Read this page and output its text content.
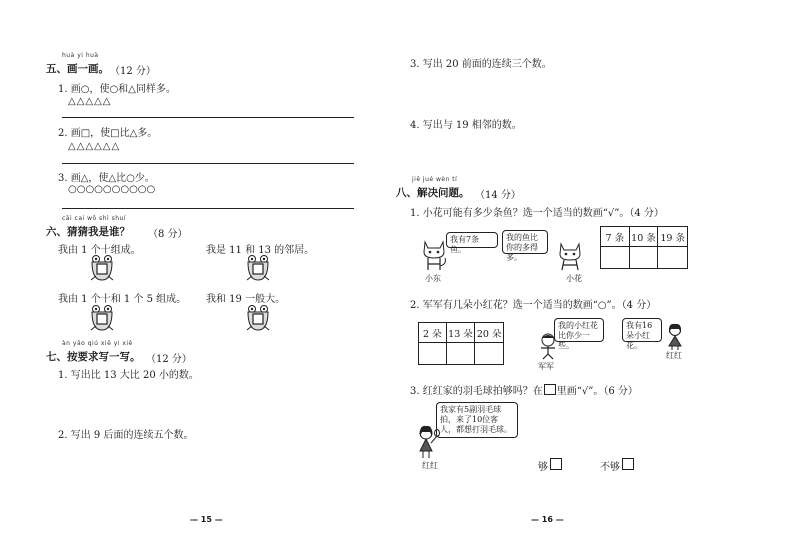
huà yi huà
五、画一画。 （12 分）
1. 画○，使○和△同样多。
△△△△△
2. 画□，使□比△多。
△△△△△△
3. 画△，使△比○少。
○○○○○○○○○○
cāi cai wǒ shì shuí
六、猜猜我是谁？ （8 分）
我由 1 个十组成。	我是 11 和 13 的邻居。
我由 1 个十和 1 个 5 组成。 我和 19 一般大。
àn yāo qiú xiě yi xiě
七、按要求写一写。 （12 分）
1. 写出比 13 大比 20 小的数。
2. 写出 9 后面的连续五个数。
— 15 —
3. 写出 20 前面的连续三个数。
4. 写出与 19 相邻的数。
jiě jué wèn tí
八、解决问题。 （14 分）
1. 小花可能有多少条鱼？选一个适当的数画“√”。（4 分）
我有7条鱼。
小东
我的鱼比你的多得多。
小花
7 条	10 条	19 条

2. 军军有几朵小红花？选一个适当的数画“○”。（4 分）
2 朵	13 朵	20 朵

我的小红花比你少一些。
军军
我有16朵小红花。
红红
3. 红红家的羽毛球拍够吗？在 里画“√”。（6 分）
我家有5副羽毛球拍，来了10位客人，都想打羽毛球。
红红	够	不够
— 16 —
